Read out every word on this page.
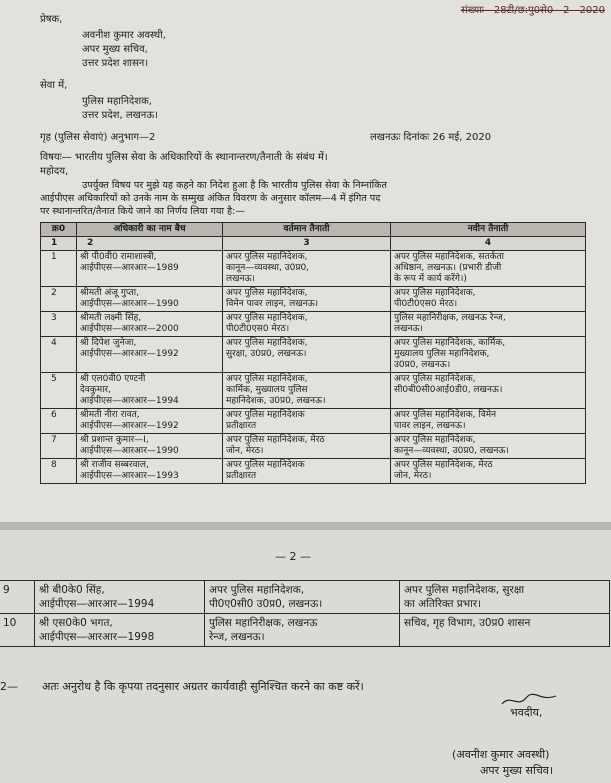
संख्याः—28टी/छ:पु0से0—2—2020
प्रेषक,
अवनीश कुमार अवस्थी,
अपर मुख्य सचिव,
उत्तर प्रदेश शासन।
सेवा में,
पुलिस महानिदेशक,
उत्तर प्रदेश, लखनऊ।
गृह (पुलिस सेवाएं) अनुभाग—2	लखनऊः दिनांकः 26 मई, 2020
विषयः— भारतीय पुलिस सेवा के अधिकारियों के स्थानान्तरण/तैनाती के संबंध में।
महोदय,
उपर्युक्त विषय पर मुझे यह कहने का निदेश हुआ है कि भारतीय पुलिस सेवा के निम्नांकित
आईपीएस अधिकारियों को उनके नाम के सम्मुख अंकित विवरण के अनुसार कॉलम—4 में इंगित पद
पर स्थानान्तरित/तैनात किये जाने का निर्णय लिया गया है:—
क्र0	अधिकारी का नाम बैच	वर्तमान तैनाती	नवीन तैनाती
1	2	3	4
1	श्री पी0वी0 रामाशास्त्री,
आईपीएस—आरआर—1989	अपर पुलिस महानिदेशक,
कानून—व्यवस्था, उ0प्र0,
लखनऊ।	अपर पुलिस महानिदेशक, सतर्कता
अधिष्ठान, लखनऊ। (प्रभारी डीजी
के रूप में कार्य करेंगे।)

2	श्रीमती अंजू गुप्ता,
आईपीएस—आरआर—1990	अपर पुलिस महानिदेशक,
विमेन पावर लाइन, लखनऊ।	अपर पुलिस महानिदेशक,
पी0टी0एस0 मेरठ।

3	श्रीमती लक्ष्मी सिंह,
आईपीएस—आरआर—2000	अपर पुलिस महानिदेशक,
पी0टी0एस0 मेरठ।	पुलिस महानिरीक्षक, लखनऊ रेन्ज,
लखनऊ।

4	श्री दिपेश जुनेजा,
आईपीएस—आरआर—1992	अपर पुलिस महानिदेशक,
सुरक्षा, उ0प्र0, लखनऊ।	अपर पुलिस महानिदेशक, कार्मिक,
मुख्यालय पुलिस महानिदेशक,
उ0प्र0, लखनऊ।

5	श्री एल0वी0 एण्टनी
देवकुमार,
आईपीएस—आरआर—1994	अपर पुलिस महानिदेशक,
कार्मिक, मुख्यालय पुलिस
महानिदेशक, उ0प्र0, लखनऊ।	अपर पुलिस महानिदेशक,
सी0बी0सी0आई0डी0, लखनऊ।

6	श्रीमती नीरा रावत,
आईपीएस—आरआर—1992	अपर पुलिस महानिदेशक
प्रतीक्षारत	अपर पुलिस महानिदेशक, विमेन
पावर लाइन, लखनऊ।

7	श्री प्रशान्त कुमार—I,
आईपीएस—आरआर—1990	अपर पुलिस महानिदेशक, मेरठ
जोन, मेरठ।	अपर पुलिस महानिदेशक,
कानून—व्यवस्था, उ0प्र0, लखनऊ।

8	श्री राजीव सब्बरवाल,
आईपीएस—आरआर—1993	अपर पुलिस महानिदेशक
प्रतीक्षारत	अपर पुलिस महानिदेशक, मेरठ
जोन, मेरठ।
— 2 —
9	श्री बी0के0 सिंह,
आईपीएस—आरआर—1994	अपर पुलिस महानिदेशक,
पी0ए0सी0 उ0प्र0, लखनऊ।	अपर पुलिस महानिदेशक, सुरक्षा
का अतिरिक्त प्रभार।

10	श्री एस0के0 भगत,
आईपीएस—आरआर—1998	पुलिस महानिरीक्षक, लखनऊ
रेन्ज, लखनऊ।	सचिव, गृह विभाग, उ0प्र0 शासन
2— अतः अनुरोध है कि कृपया तदनुसार अग्रतर कार्यवाही सुनिश्चित करने का कष्ट करें।
भवदीय,
(अवनीश कुमार अवस्थी)
अपर मुख्य सचिव।
